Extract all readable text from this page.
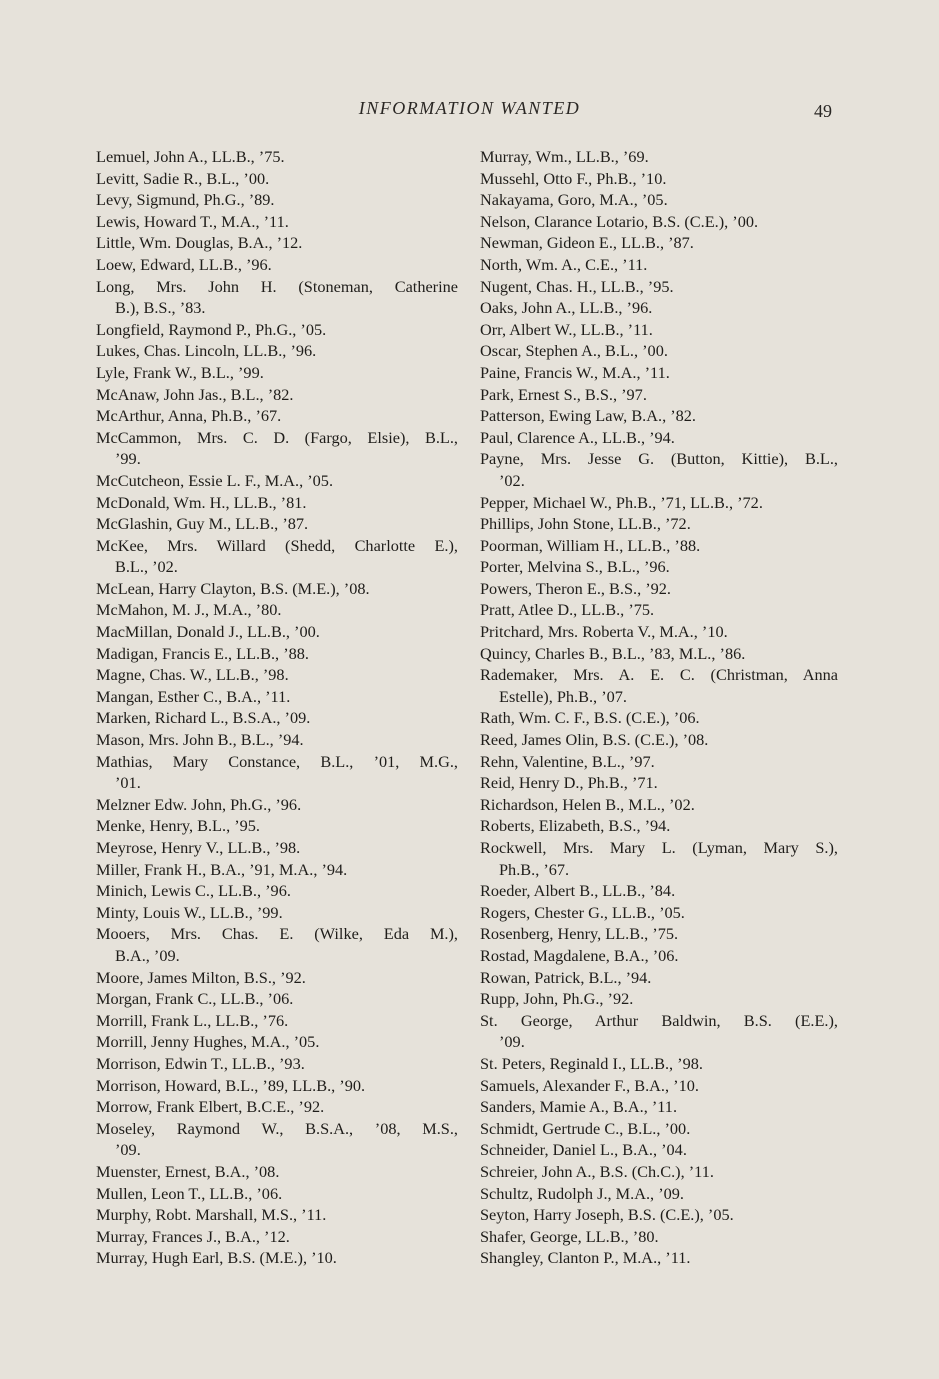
INFORMATION WANTED	49

Lemuel, John A., LL.B., ’75.

Levitt, Sadie R., B.L., ’00.

Levy, Sigmund, Ph.G., ’89.

Lewis, Howard T., M.A., ’11.

Little, Wm. Douglas, B.A., ’12.

Loew, Edward, LL.B., ’96.

Long, Mrs. John H. (Stoneman, Catherine

B.), B.S., ’83.

Longfield, Raymond P., Ph.G., ’05.

Lukes, Chas. Lincoln, LL.B., ’96.

Lyle, Frank W., B.L., ’99.

McAnaw, John Jas., B.L., ’82.

McArthur, Anna, Ph.B., ’67.

McCammon, Mrs. C. D. (Fargo, Elsie), B.L.,

’99.

McCutcheon, Essie L. F., M.A., ’05.

McDonald, Wm. H., LL.B., ’81.

McGlashin, Guy M., LL.B., ’87.

McKee, Mrs. Willard (Shedd, Charlotte E.),

B.L., ’02.

McLean, Harry Clayton, B.S. (M.E.), ’08.

McMahon, M. J., M.A., ’80.

MacMillan, Donald J., LL.B., ’00.

Madigan, Francis E., LL.B., ’88.

Magne, Chas. W., LL.B., ’98.

Mangan, Esther C., B.A., ’11.

Marken, Richard L., B.S.A., ’09.

Mason, Mrs. John B., B.L., ’94.

Mathias, Mary Constance, B.L., ’01, M.G.,

’01.

Melzner Edw. John, Ph.G., ’96.

Menke, Henry, B.L., ’95.

Meyrose, Henry V., LL.B., ’98.

Miller, Frank H., B.A., ’91, M.A., ’94.

Minich, Lewis C., LL.B., ’96.

Minty, Louis W., LL.B., ’99.

Mooers, Mrs. Chas. E. (Wilke, Eda M.),

B.A., ’09.

Moore, James Milton, B.S., ’92.

Morgan, Frank C., LL.B., ’06.

Morrill, Frank L., LL.B., ’76.

Morrill, Jenny Hughes, M.A., ’05.

Morrison, Edwin T., LL.B., ’93.

Morrison, Howard, B.L., ’89, LL.B., ’90.

Morrow, Frank Elbert, B.C.E., ’92.

Moseley, Raymond W., B.S.A., ’08, M.S.,

’09.

Muenster, Ernest, B.A., ’08.

Mullen, Leon T., LL.B., ’06.

Murphy, Robt. Marshall, M.S., ’11.

Murray, Frances J., B.A., ’12.

Murray, Hugh Earl, B.S. (M.E.), ’10.

Murray, Wm., LL.B., ’69.

Mussehl, Otto F., Ph.B., ’10.

Nakayama, Goro, M.A., ’05.

Nelson, Clarance Lotario, B.S. (C.E.), ’00.

Newman, Gideon E., LL.B., ’87.

North, Wm. A., C.E., ’11.

Nugent, Chas. H., LL.B., ’95.

Oaks, John A., LL.B., ’96.

Orr, Albert W., LL.B., ’11.

Oscar, Stephen A., B.L., ’00.

Paine, Francis W., M.A., ’11.

Park, Ernest S., B.S., ’97.

Patterson, Ewing Law, B.A., ’82.

Paul, Clarence A., LL.B., ’94.

Payne, Mrs. Jesse G. (Button, Kittie), B.L.,

’02.

Pepper, Michael W., Ph.B., ’71, LL.B., ’72.

Phillips, John Stone, LL.B., ’72.

Poorman, William H., LL.B., ’88.

Porter, Melvina S., B.L., ’96.

Powers, Theron E., B.S., ’92.

Pratt, Atlee D., LL.B., ’75.

Pritchard, Mrs. Roberta V., M.A., ’10.

Quincy, Charles B., B.L., ’83, M.L., ’86.

Rademaker, Mrs. A. E. C. (Christman, Anna

Estelle), Ph.B., ’07.

Rath, Wm. C. F., B.S. (C.E.), ’06.

Reed, James Olin, B.S. (C.E.), ’08.

Rehn, Valentine, B.L., ’97.

Reid, Henry D., Ph.B., ’71.

Richardson, Helen B., M.L., ’02.

Roberts, Elizabeth, B.S., ’94.

Rockwell, Mrs. Mary L. (Lyman, Mary S.),

Ph.B., ’67.

Roeder, Albert B., LL.B., ’84.

Rogers, Chester G., LL.B., ’05.

Rosenberg, Henry, LL.B., ’75.

Rostad, Magdalene, B.A., ’06.

Rowan, Patrick, B.L., ’94.

Rupp, John, Ph.G., ’92.

St. George, Arthur Baldwin, B.S. (E.E.),

’09.

St. Peters, Reginald I., LL.B., ’98.

Samuels, Alexander F., B.A., ’10.

Sanders, Mamie A., B.A., ’11.

Schmidt, Gertrude C., B.L., ’00.

Schneider, Daniel L., B.A., ’04.

Schreier, John A., B.S. (Ch.C.), ’11.

Schultz, Rudolph J., M.A., ’09.

Seyton, Harry Joseph, B.S. (C.E.), ’05.

Shafer, George, LL.B., ’80.

Shangley, Clanton P., M.A., ’11.
